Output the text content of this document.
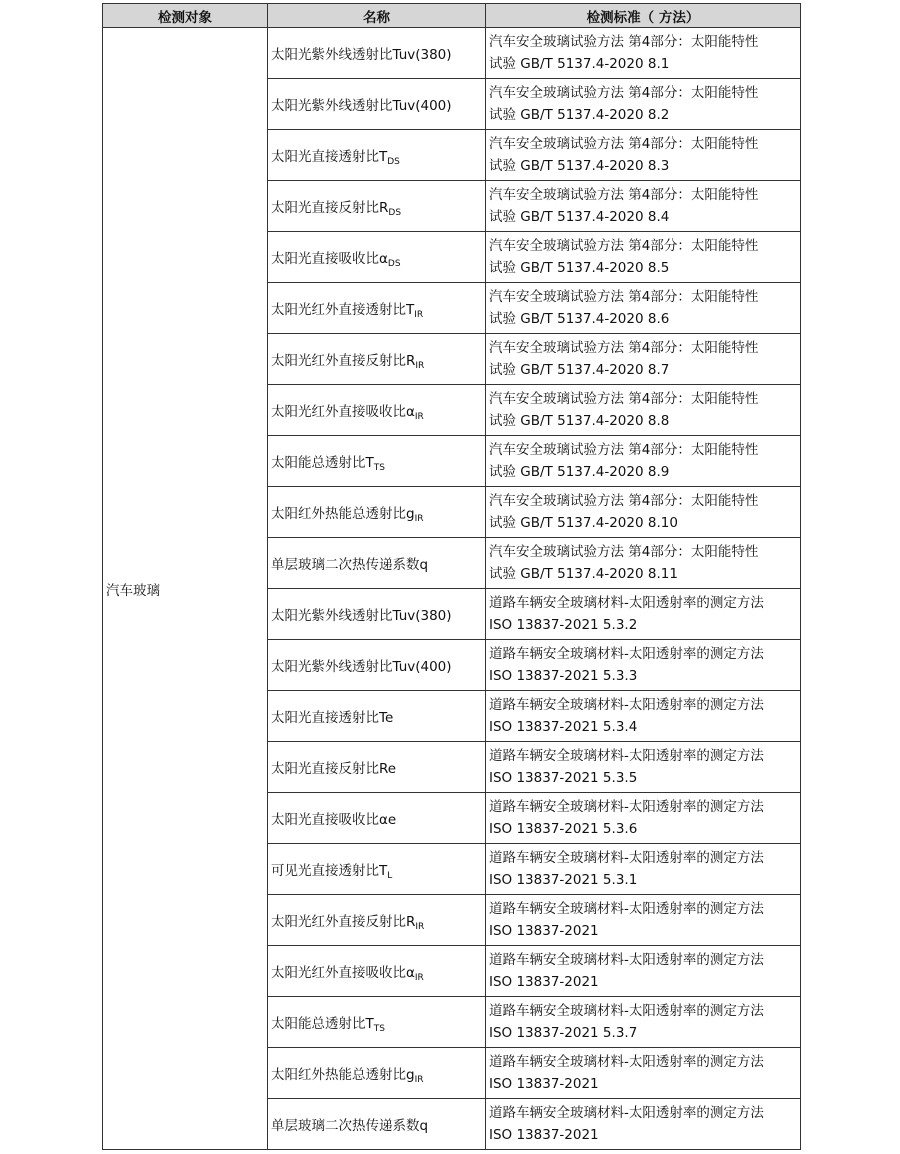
检测对象	名称	检测标准（ 方法）
汽车玻璃	太阳光紫外线透射比Tuv(380)	汽车安全玻璃试验方法 第4部分：太阳能特性
试验 GB/T 5137.4-2020 8.1

	太阳光紫外线透射比Tuv(400)	汽车安全玻璃试验方法 第4部分：太阳能特性
试验 GB/T 5137.4-2020 8.2

	太阳光直接透射比$T_{DS}$	汽车安全玻璃试验方法 第4部分：太阳能特性
试验 GB/T 5137.4-2020 8.3

	太阳光直接反射比$R_{DS}$	汽车安全玻璃试验方法 第4部分：太阳能特性
试验 GB/T 5137.4-2020 8.4

	太阳光直接吸收比$\alpha_{DS}$	汽车安全玻璃试验方法 第4部分：太阳能特性
试验 GB/T 5137.4-2020 8.5

	太阳光红外直接透射比$T_{IR}$	汽车安全玻璃试验方法 第4部分：太阳能特性
试验 GB/T 5137.4-2020 8.6

	太阳光红外直接反射比$R_{IR}$	汽车安全玻璃试验方法 第4部分：太阳能特性
试验 GB/T 5137.4-2020 8.7

	太阳光红外直接吸收比$\alpha_{IR}$	汽车安全玻璃试验方法 第4部分：太阳能特性
试验 GB/T 5137.4-2020 8.8

	太阳能总透射比$T_{TS}$	汽车安全玻璃试验方法 第4部分：太阳能特性
试验 GB/T 5137.4-2020 8.9

	太阳红外热能总透射比$g_{IR}$	汽车安全玻璃试验方法 第4部分：太阳能特性
试验 GB/T 5137.4-2020 8.10

	单层玻璃二次热传递系数q	汽车安全玻璃试验方法 第4部分：太阳能特性
试验 GB/T 5137.4-2020 8.11

	太阳光紫外线透射比Tuv(380)	道路车辆安全玻璃材料-太阳透射率的测定方法
ISO 13837-2021 5.3.2

	太阳光紫外线透射比Tuv(400)	道路车辆安全玻璃材料-太阳透射率的测定方法
ISO 13837-2021 5.3.3

	太阳光直接透射比Te	道路车辆安全玻璃材料-太阳透射率的测定方法
ISO 13837-2021 5.3.4

	太阳光直接反射比Re	道路车辆安全玻璃材料-太阳透射率的测定方法
ISO 13837-2021 5.3.5

	太阳光直接吸收比αe	道路车辆安全玻璃材料-太阳透射率的测定方法
ISO 13837-2021 5.3.6

	可见光直接透射比$T_L$	道路车辆安全玻璃材料-太阳透射率的测定方法
ISO 13837-2021 5.3.1

	太阳光红外直接反射比$R_{IR}$	道路车辆安全玻璃材料-太阳透射率的测定方法
ISO 13837-2021

	太阳光红外直接吸收比$\alpha_{IR}$	道路车辆安全玻璃材料-太阳透射率的测定方法
ISO 13837-2021

	太阳能总透射比$T_{TS}$	道路车辆安全玻璃材料-太阳透射率的测定方法
ISO 13837-2021 5.3.7

	太阳红外热能总透射比$g_{IR}$	道路车辆安全玻璃材料-太阳透射率的测定方法
ISO 13837-2021

	单层玻璃二次热传递系数q	道路车辆安全玻璃材料-太阳透射率的测定方法
ISO 13837-2021
